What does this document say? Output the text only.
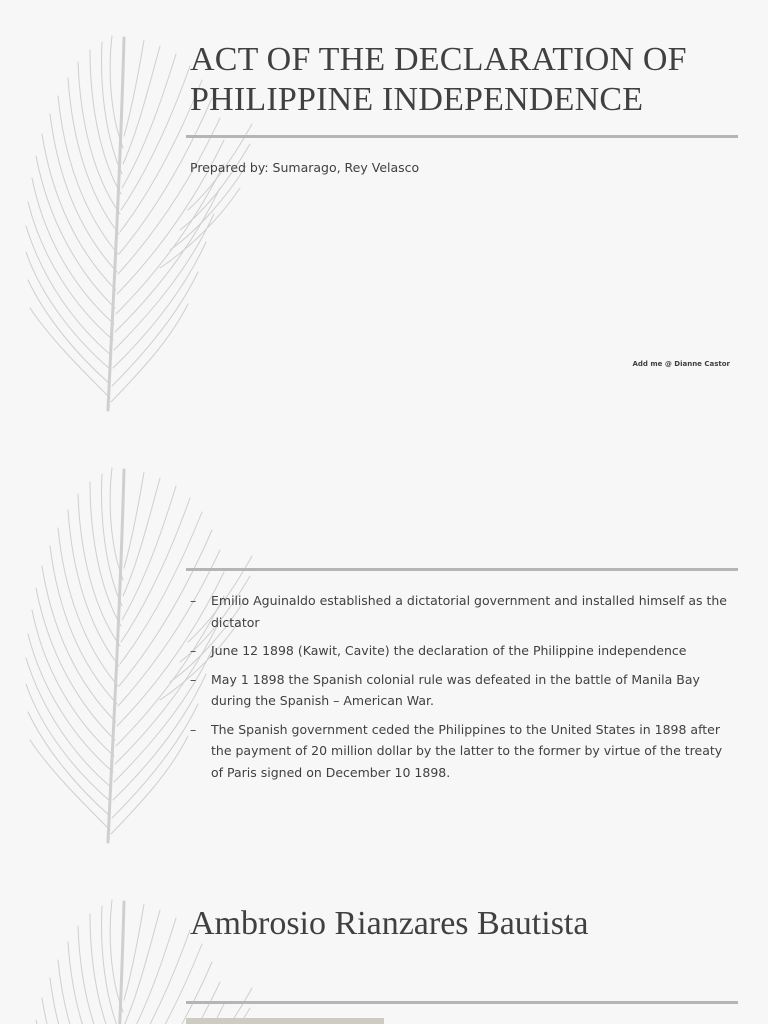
ACT OF THE DECLARATION OF PHILIPPINE INDEPENDENCE
Prepared by: Sumarago, Rey Velasco
Add me @ Dianne Castor
– Emilio Aguinaldo established a dictatorial government and installed himself as the dictator
– June 12 1898 (Kawit, Cavite) the declaration of the Philippine independence
– May 1 1898 the Spanish colonial rule was defeated in the battle of Manila Bay during the Spanish – American War.
– The Spanish government ceded the Philippines to the United States in 1898 after the payment of 20 million dollar by the latter to the former by virtue of the treaty of Paris signed on December 10 1898.
Ambrosio Rianzares Bautista
